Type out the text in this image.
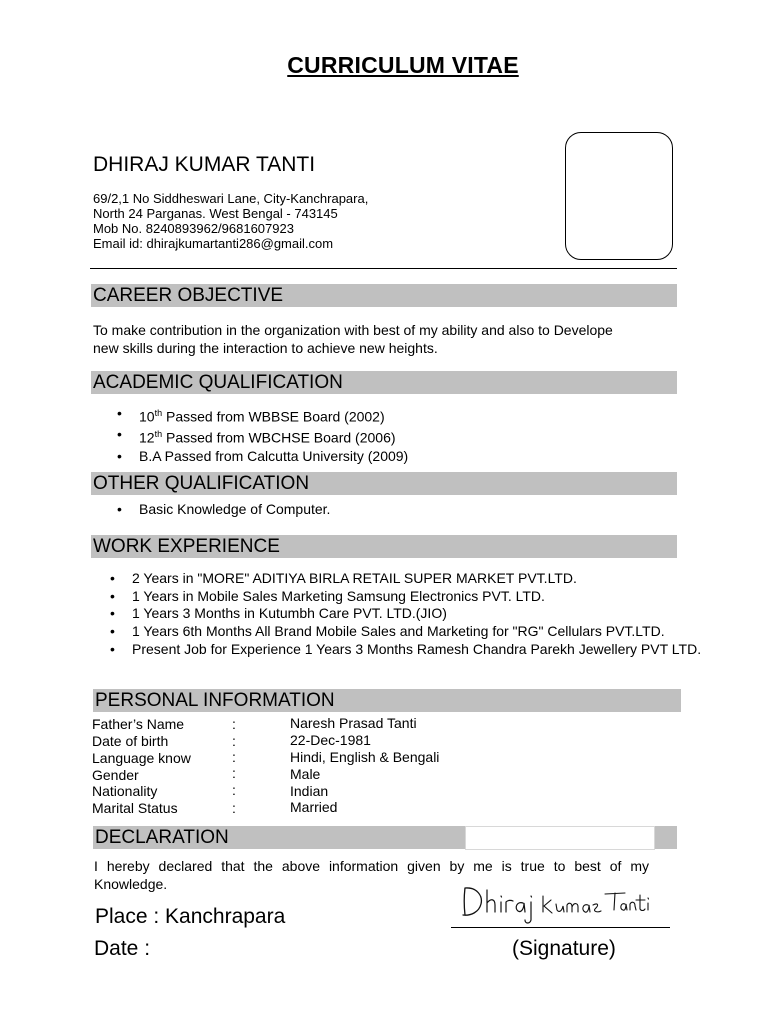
CURRICULUM VITAE
DHIRAJ KUMAR TANTI
69/2,1 No Siddheswari Lane, City-Kanchrapara,
North 24 Parganas. West Bengal - 743145
Mob No. 8240893962/9681607923
Email id: dhirajkumartanti286@gmail.com
CAREER OBJECTIVE
To make contribution in the organization with best of my ability and also to Develope
new skills during the interaction to achieve new heights.
ACADEMIC QUALIFICATION
• 10th Passed from WBBSE Board (2002)
• 12th Passed from WBCHSE Board (2006)
• B.A Passed from Calcutta University (2009)
OTHER QUALIFICATION
• Basic Knowledge of Computer.
WORK EXPERIENCE
• 2 Years in "MORE" ADITIYA BIRLA RETAIL SUPER MARKET PVT.LTD.
• 1 Years in Mobile Sales Marketing Samsung Electronics PVT. LTD.
• 1 Years 3 Months in Kutumbh Care PVT. LTD.(JIO)
• 1 Years 6th Months All Brand Mobile Sales and Marketing for "RG" Cellulars PVT.LTD.
• Present Job for Experience 1 Years 3 Months Ramesh Chandra Parekh Jewellery PVT LTD.
PERSONAL INFORMATION
Father’s Name	:	Naresh Prasad Tanti
Date of birth	:	22-Dec-1981
Language know	:	Hindi, English & Bengali
Gender	:	Male
Nationality	:	Indian
Marital Status	:	Married
DECLARATION
I hereby declared that the above information given by me is true to best of my Knowledge.
Place : Kanchrapara
Date :	(Signature)
